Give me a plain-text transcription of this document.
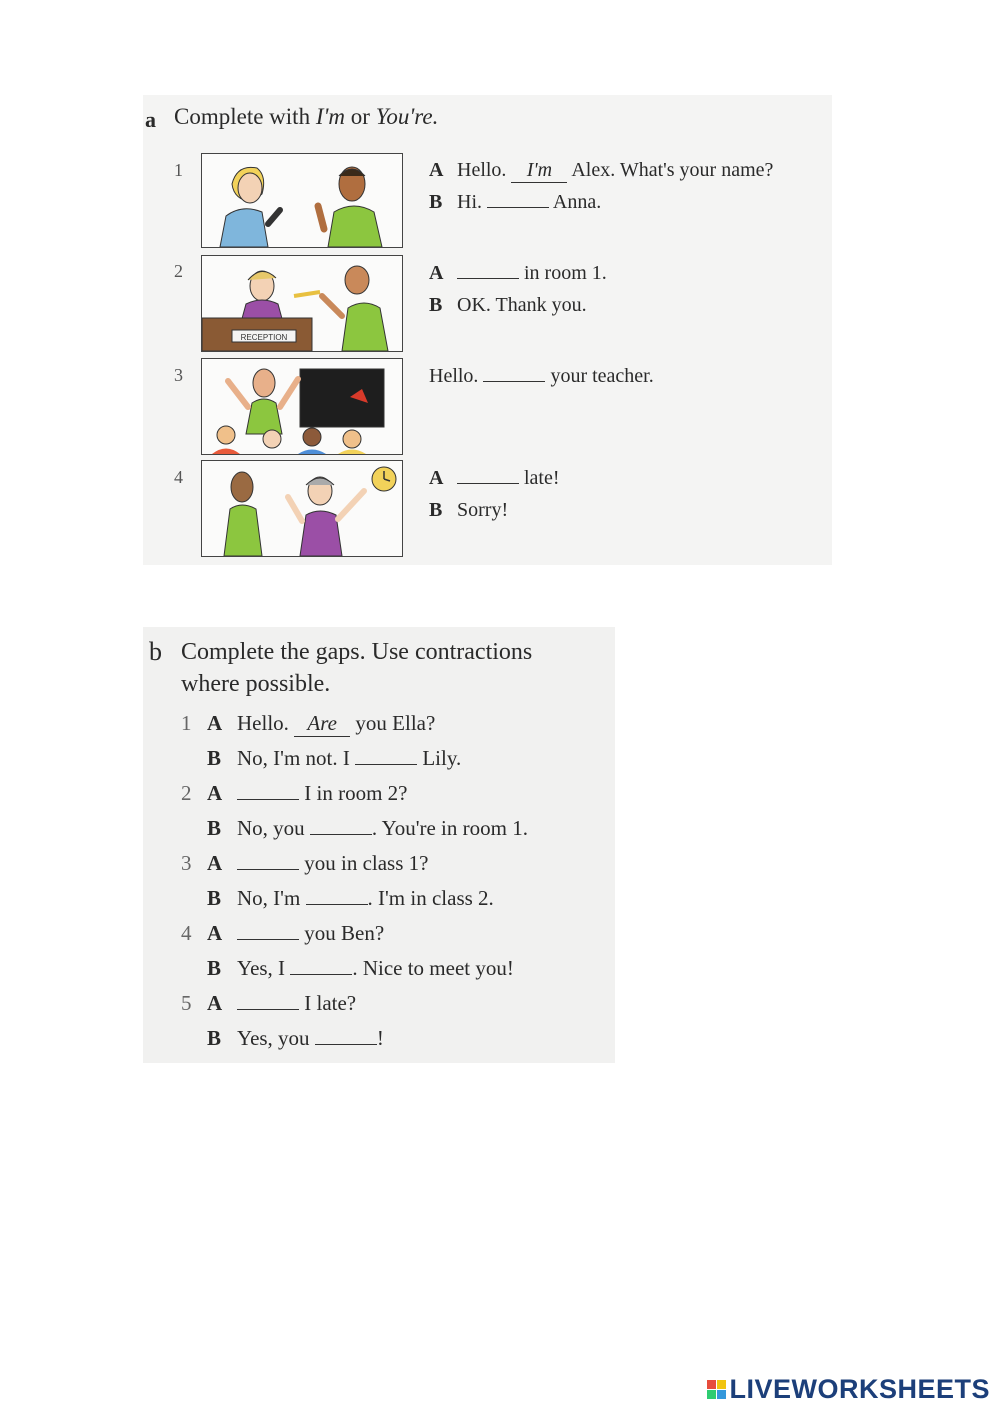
a Complete with I'm or You're.
1
2
3
4
RECEPTION
A Hello. I'm Alex. What's your name?
B Hi.	Anna.
A	in room 1.
B OK. Thank you.
Hello.	your teacher.
A	late!
B Sorry!
b Complete the gaps. Use contractions
where possible.
1 A Hello. Are you Ella?
B No, I'm not. I	Lily.
2 A	I in room 2?
B No, you	. You're in room 1.
3 A	you in class 1?
B No, I'm	. I'm in class 2.
4 A	you Ben?
B Yes, I	. Nice to meet you!
5 A	I late?
B Yes, you	!
LIVEWORKSHEETS
